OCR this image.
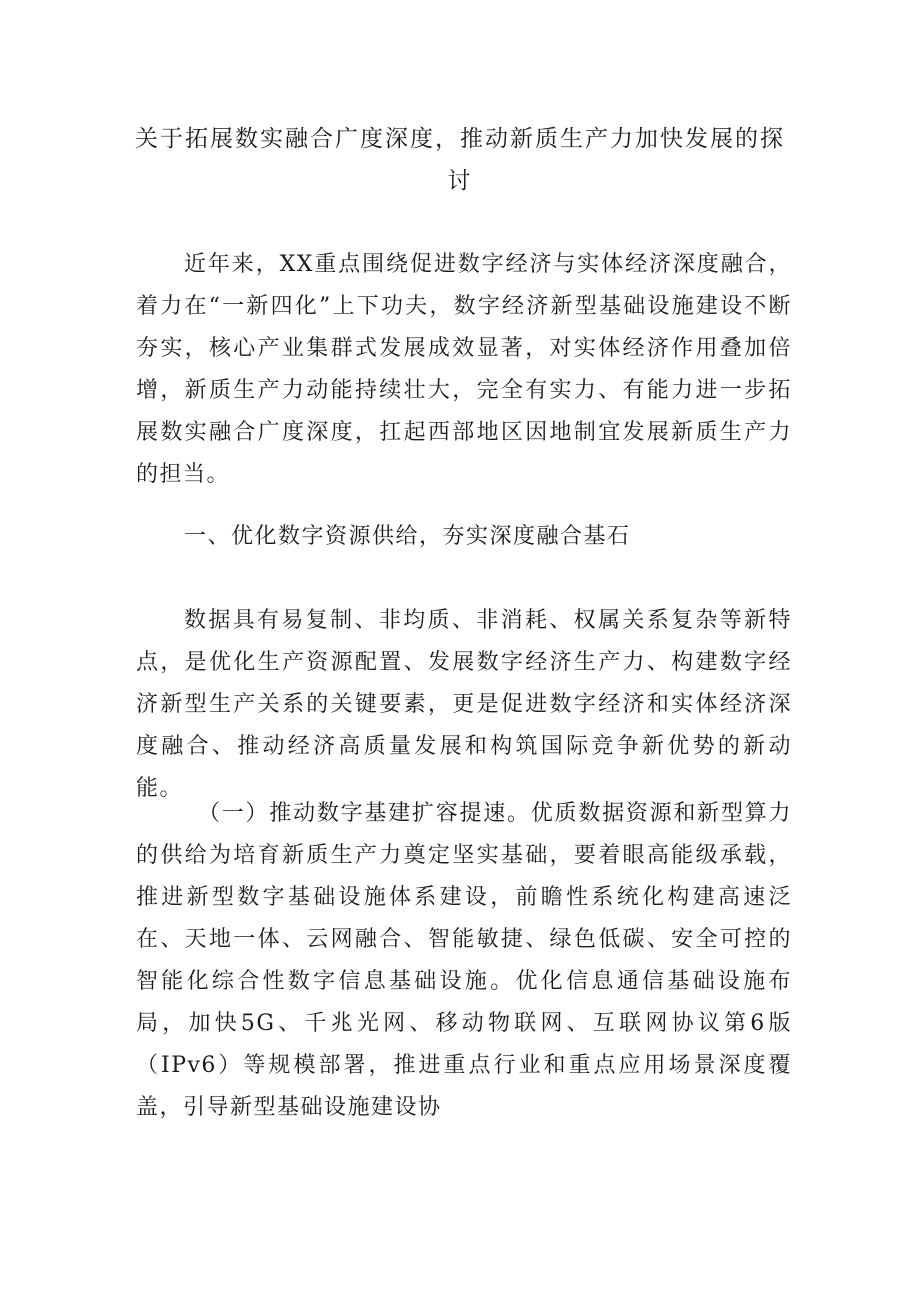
关于拓展数实融合广度深度，推动新质生产力加快发展的探讨
近年来，XX重点围绕促进数字经济与实体经济深度融合，着力在“一新四化”上下功夫，数字经济新型基础设施建设不断夯实，核心产业集群式发展成效显著，对实体经济作用叠加倍增，新质生产力动能持续壮大，完全有实力、有能力进一步拓展数实融合广度深度，扛起西部地区因地制宜发展新质生产力的担当。
一、优化数字资源供给，夯实深度融合基石
数据具有易复制、非均质、非消耗、权属关系复杂等新特点，是优化生产资源配置、发展数字经济生产力、构建数字经济新型生产关系的关键要素，更是促进数字经济和实体经济深度融合、推动经济高质量发展和构筑国际竞争新优势的新动能。
（一）推动数字基建扩容提速。优质数据资源和新型算力的供给为培育新质生产力奠定坚实基础，要着眼高能级承载，推进新型数字基础设施体系建设，前瞻性系统化构建高速泛在、天地一体、云网融合、智能敏捷、绿色低碳、安全可控的智能化综合性数字信息基础设施。优化信息通信基础设施布局，加快5G、千兆光网、移动物联网、互联网协议第6版（IPv6）等规模部署，推进重点行业和重点应用场景深度覆盖，引导新型基础设施建设协
